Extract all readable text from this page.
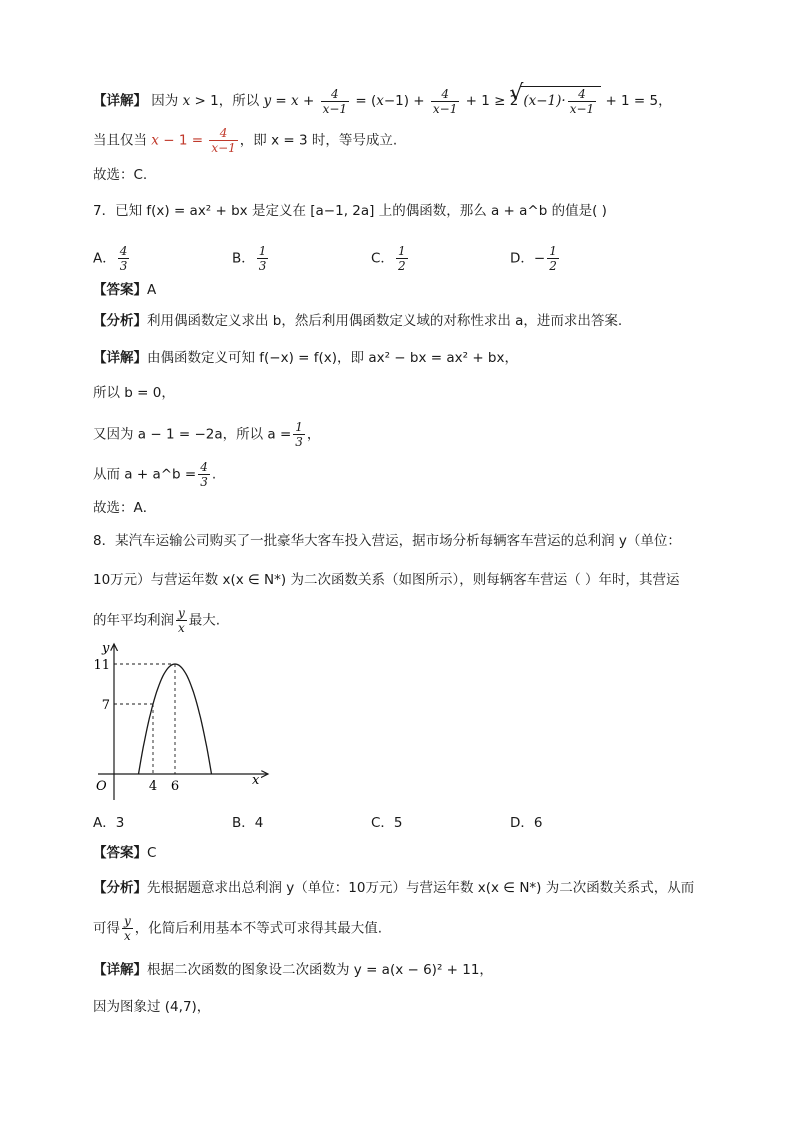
【详解】 因为 x > 1，所以 $y = x + \frac{4}{x-1} = (x-1) + \frac{4}{x-1} + 1 \ge 2√$ $(x-1)\cdot \frac{4}{x-1} + 1 = 5$，
当且仅当 $x - 1 = \frac{4}{x-1}$ ，即 x = 3 时，等号成立.
故选：C.
7．已知 f(x) = ax² + bx 是定义在 [a−1, 2a] 上的偶函数，那么 a + a^b 的值是( )
A． $\frac{4}{3}$	B． $\frac{1}{3}$	C． $\frac{1}{2}$	D．− $\frac{1}{2}$
【答案】A
【分析】利用偶函数定义求出 b，然后利用偶函数定义域的对称性求出 a，进而求出答案.
【详解】由偶函数定义可知 f(−x) = f(x)，即 ax² − bx = ax² + bx，
所以 b = 0，
又因为 a − 1 = −2a，所以 $a = \frac{1}{3}$ ，
从而 a + a^b = $\frac{4}{3}$ .
故选：A．
8．某汽车运输公司购买了一批豪华大客车投入营运，据市场分析每辆客车营运的总利润 y（单位：
10万元）与营运年数 x(x ∈ N*) 为二次函数关系（如图所示），则每辆客车营运（ ）年时，其营运
的年平均利润 $\frac{y}{x}$ 最大.
y
x
O
11
7
4 6
A．3	B．4	C．5	D．6
【答案】C
【分析】先根据题意求出总利润 y（单位：10万元）与营运年数 x(x ∈ N*) 为二次函数关系式，从而
可得 $\frac{y}{x}$ ，化简后利用基本不等式可求得其最大值.
【详解】根据二次函数的图象设二次函数为 y = a(x − 6)² + 11，
因为图象过 (4,7)，
